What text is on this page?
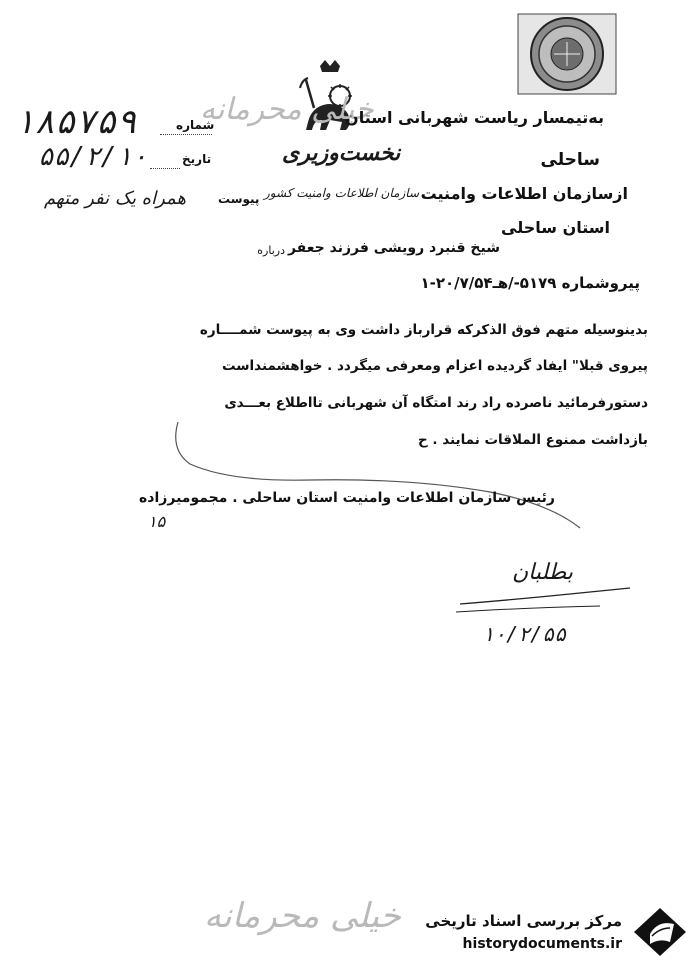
۱۸۵۷۵۹ خیلی محرمانه
شماره	به‌تیمسار ریاست شهربانی استان
۵۵/۲/۱۰	تاریخ	نخست‌وزیری	ساحلی
همراه یک نفر متهم	پیوست سازمان اطلاعات وامنیت کشور ازسازمان اطلاعات وامنیت
استان ساحلی
شیخ قنبرد رویشی فرزند جعفر
درباره
پیروشماره ‎-۵۱۷۹‎/هـ۱‎-۲۰/۷/۵۴
بدینوسیله متهم فوق الذکرکه قرارباز داشت وی به پیوست شمــــاره
پیروی قبلا" ایفاد گردیده اعزام ومعرفی میگردد . خواهشمنداست
دستورفرمائید ناصرده راد رند امتگاه آن شهربانی تااطلاع بعـــدی
بازداشت ممنوع الملاقات نمایند . ح
رئیس سازمان اطلاعات وامنیت استان ساحلی . مجمومیرزاده
۱۵
بطلبان
۱۰/۲/۵۵
خیلی محرمانه مرکز بررسی اسناد تاریخی
historydocuments.ir
